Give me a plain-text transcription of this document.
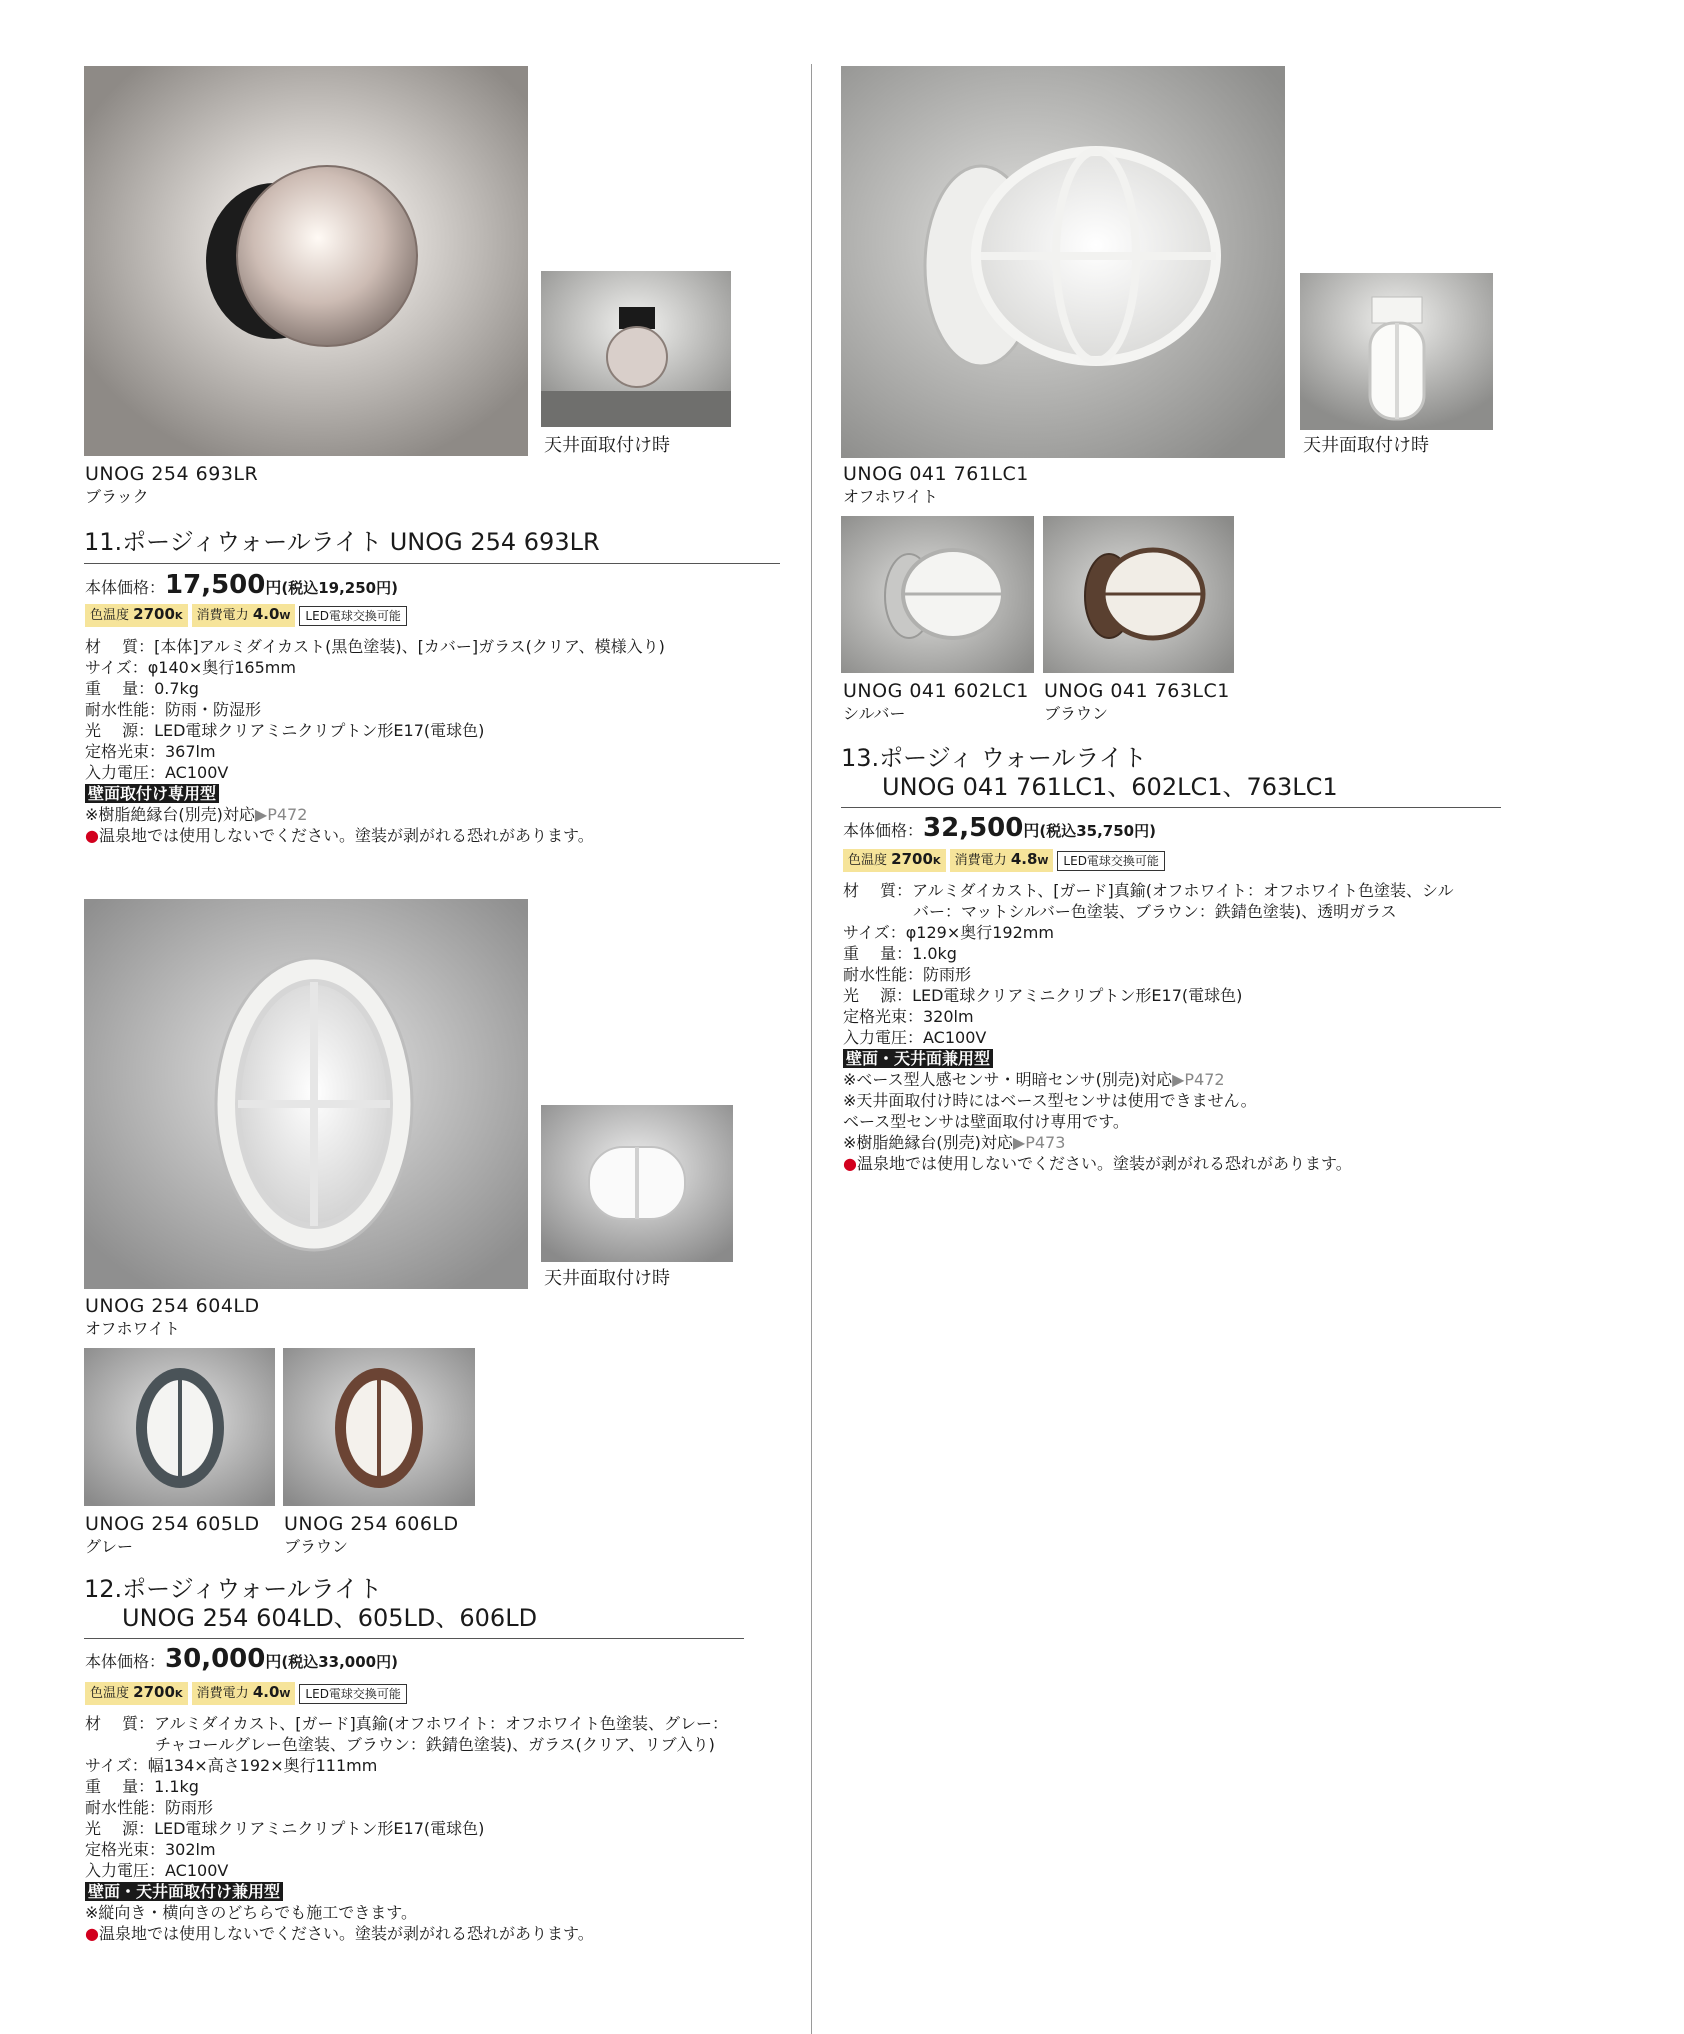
UNOG 254 693LR
ブラック
天井面取付け時
11.ポージィウォールライト UNOG 254 693LR
本体価格：17,500円(税込19,250円)
色温度 2700K	消費電力 4.0W	LED電球交換可能
材　 質：[本体]アルミダイカスト(黒色塗装)、[カバー]ガラス(クリア、模様入り)
サイズ：φ140×奥行165mm
重　 量：0.7kg
耐水性能：防雨・防湿形
光　 源：LED電球クリアミニクリプトン形E17(電球色)
定格光束：367lm
入力電圧：AC100V
壁面取付け専用型
※樹脂絶縁台(別売)対応▶P472
●温泉地では使用しないでください。塗装が剥がれる恐れがあります。
UNOG 254 604LD
オフホワイト
天井面取付け時
UNOG 254 605LD
グレー
UNOG 254 606LD
ブラウン
12.ポージィウォールライト
UNOG 254 604LD、605LD、606LD
本体価格：30,000円(税込33,000円)
色温度 2700K	消費電力 4.0W	LED電球交換可能
材　 質：アルミダイカスト、[ガード]真鍮(オフホワイト：オフホワイト色塗装、グレー：
チャコールグレー色塗装、ブラウン：鉄錆色塗装)、ガラス(クリア、リブ入り)
サイズ：幅134×高さ192×奥行111mm
重　 量：1.1kg
耐水性能：防雨形
光　 源：LED電球クリアミニクリプトン形E17(電球色)
定格光束：302lm
入力電圧：AC100V
壁面・天井面取付け兼用型
※縦向き・横向きのどちらでも施工できます。
●温泉地では使用しないでください。塗装が剥がれる恐れがあります。
UNOG 041 761LC1
オフホワイト
天井面取付け時
UNOG 041 602LC1
シルバー
UNOG 041 763LC1
ブラウン
13.ポージィ ウォールライト
UNOG 041 761LC1、602LC1、763LC1
本体価格：32,500円(税込35,750円)
色温度 2700K	消費電力 4.8W	LED電球交換可能
材　 質：アルミダイカスト、[ガード]真鍮(オフホワイト：オフホワイト色塗装、シル
バー：マットシルバー色塗装、ブラウン：鉄錆色塗装)、透明ガラス
サイズ：φ129×奥行192mm
重　 量：1.0kg
耐水性能：防雨形
光　 源：LED電球クリアミニクリプトン形E17(電球色)
定格光束：320lm
入力電圧：AC100V
壁面・天井面兼用型
※ベース型人感センサ・明暗センサ(別売)対応▶P472
※天井面取付け時にはベース型センサは使用できません。
ベース型センサは壁面取付け専用です。
※樹脂絶縁台(別売)対応▶P473
●温泉地では使用しないでください。塗装が剥がれる恐れがあります。
